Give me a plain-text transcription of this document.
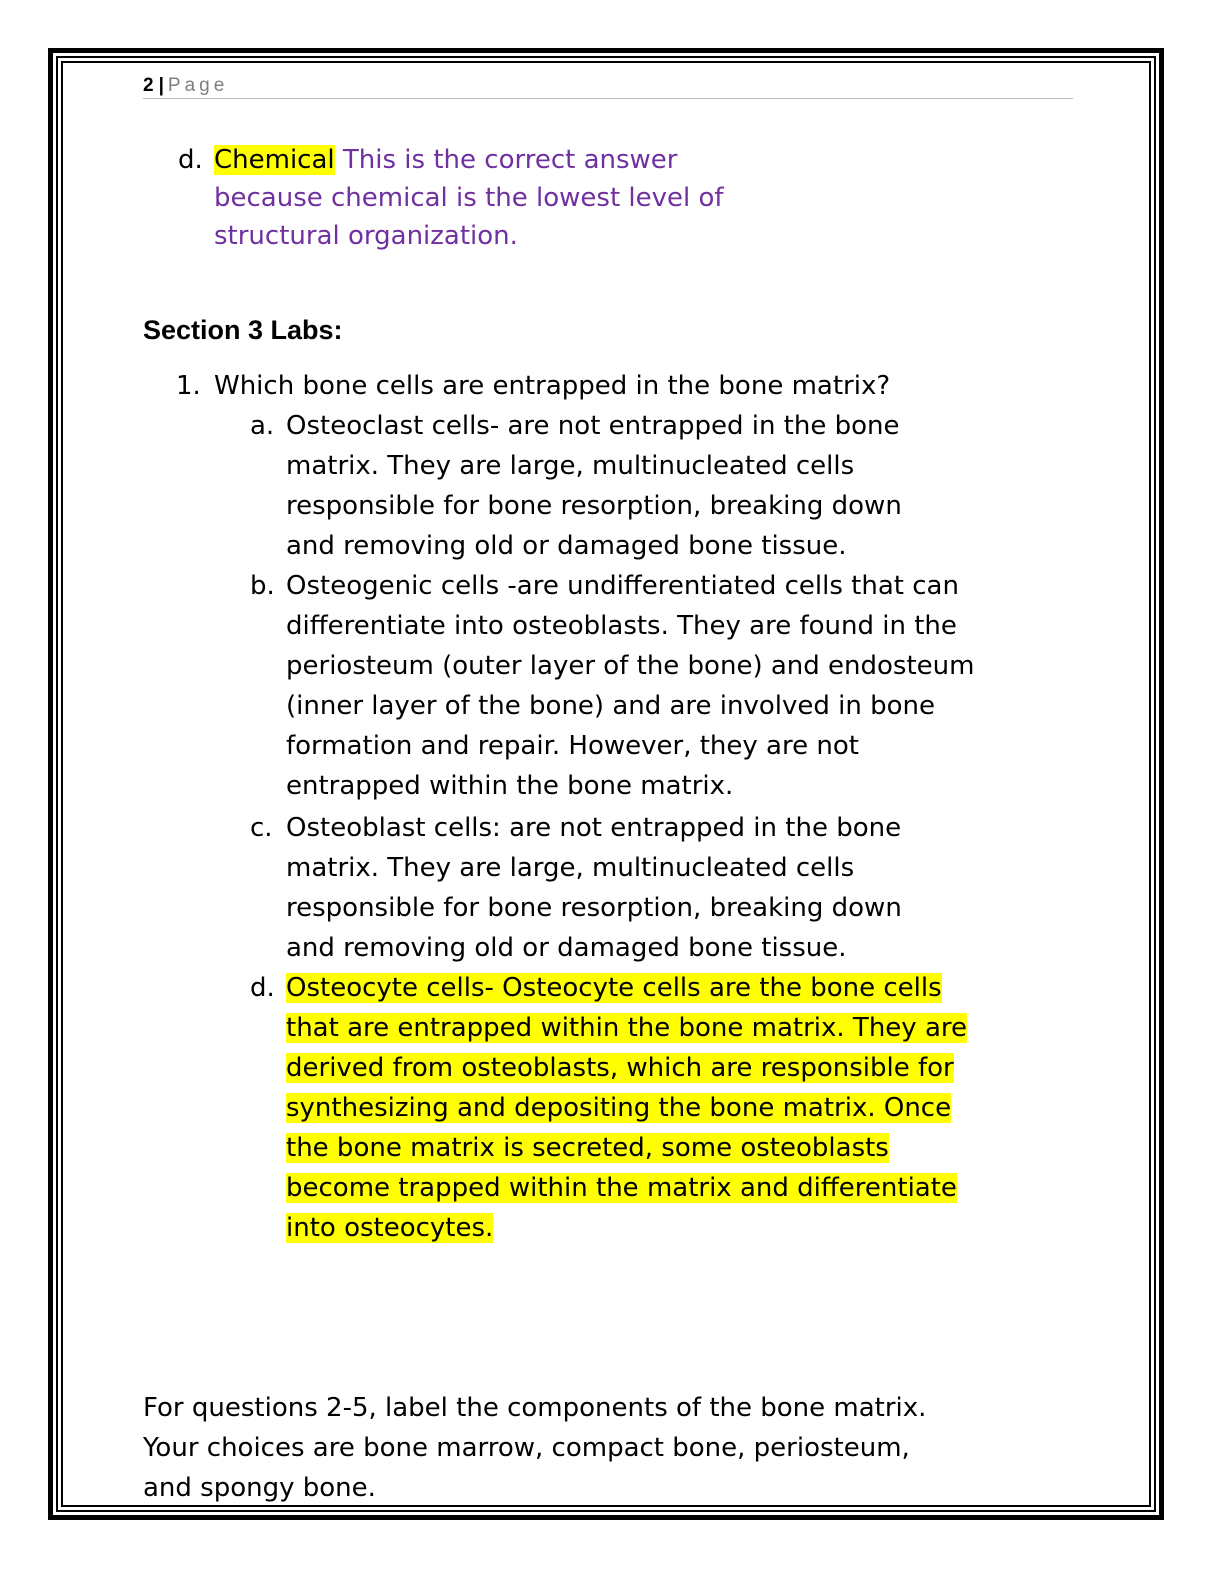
2 | Page
d. Chemical This is the correct answer
because chemical is the lowest level of
structural organization.
Section 3 Labs:
1. Which bone cells are entrapped in the bone matrix?
a. Osteoclast cells- are not entrapped in the bone
matrix. They are large, multinucleated cells
responsible for bone resorption, breaking down
and removing old or damaged bone tissue.
b. Osteogenic cells -are undifferentiated cells that can
differentiate into osteoblasts. They are found in the
periosteum (outer layer of the bone) and endosteum
(inner layer of the bone) and are involved in bone
formation and repair. However, they are not
entrapped within the bone matrix.
c. Osteoblast cells: are not entrapped in the bone
matrix. They are large, multinucleated cells
responsible for bone resorption, breaking down
and removing old or damaged bone tissue.
d. Osteocyte cells- Osteocyte cells are the bone cells
that are entrapped within the bone matrix. They are
derived from osteoblasts, which are responsible for
synthesizing and depositing the bone matrix. Once
the bone matrix is secreted, some osteoblasts
become trapped within the matrix and differentiate
into osteocytes.
For questions 2-5, label the components of the bone matrix.
Your choices are bone marrow, compact bone, periosteum,
and spongy bone.
